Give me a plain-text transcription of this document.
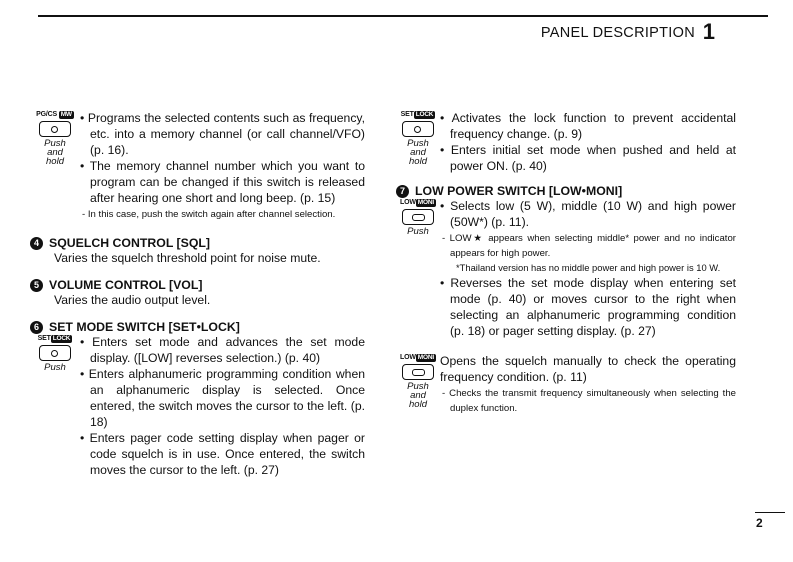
PANEL DESCRIPTION 1
PG/CS MW
Push
and
hold
• Programs the selected contents such as frequency, etc. into a memory channel (or call channel/VFO) (p. 16).
• The memory channel number which you want to program can be changed if this switch is released after hearing one short and long beep. (p. 15)
- In this case, push the switch again after channel selection.
4 SQUELCH CONTROL [SQL]
Varies the squelch threshold point for noise mute.
5 VOLUME CONTROL [VOL]
Varies the audio output level.
6 SET MODE SWITCH [SET•LOCK]
SET LOCK
Push
• Enters set mode and advances the set mode display. ([LOW] reverses selection.) (p. 40)
• Enters alphanumeric programming condition when an alphanumeric display is selected. Once entered, the switch moves the cursor to the left. (p. 18)
• Enters pager code setting display when pager or code squelch is in use. Once entered, the switch moves the cursor to the left. (p. 27)
SET LOCK
Push
and
hold
• Activates the lock function to prevent accidental frequency change. (p. 9)
• Enters initial set mode when pushed and held at power ON. (p. 40)
7 LOW POWER SWITCH [LOW•MONI]
LOW MONI
Push
• Selects low (5 W), middle (10 W) and high power (50W*) (p. 11).
- LOW★ appears when selecting middle* power and no indicator appears for high power.
*Thailand version has no middle power and high power is 10 W.
• Reverses the set mode display when entering set mode (p. 40) or moves cursor to the right when selecting an alphanumeric programming condition (p. 18) or pager setting display. (p. 27)
LOW MONI
Push
and
hold
Opens the squelch manually to check the operating frequency condition. (p. 11)
- Checks the transmit frequency simultaneously when selecting the duplex function.
2
